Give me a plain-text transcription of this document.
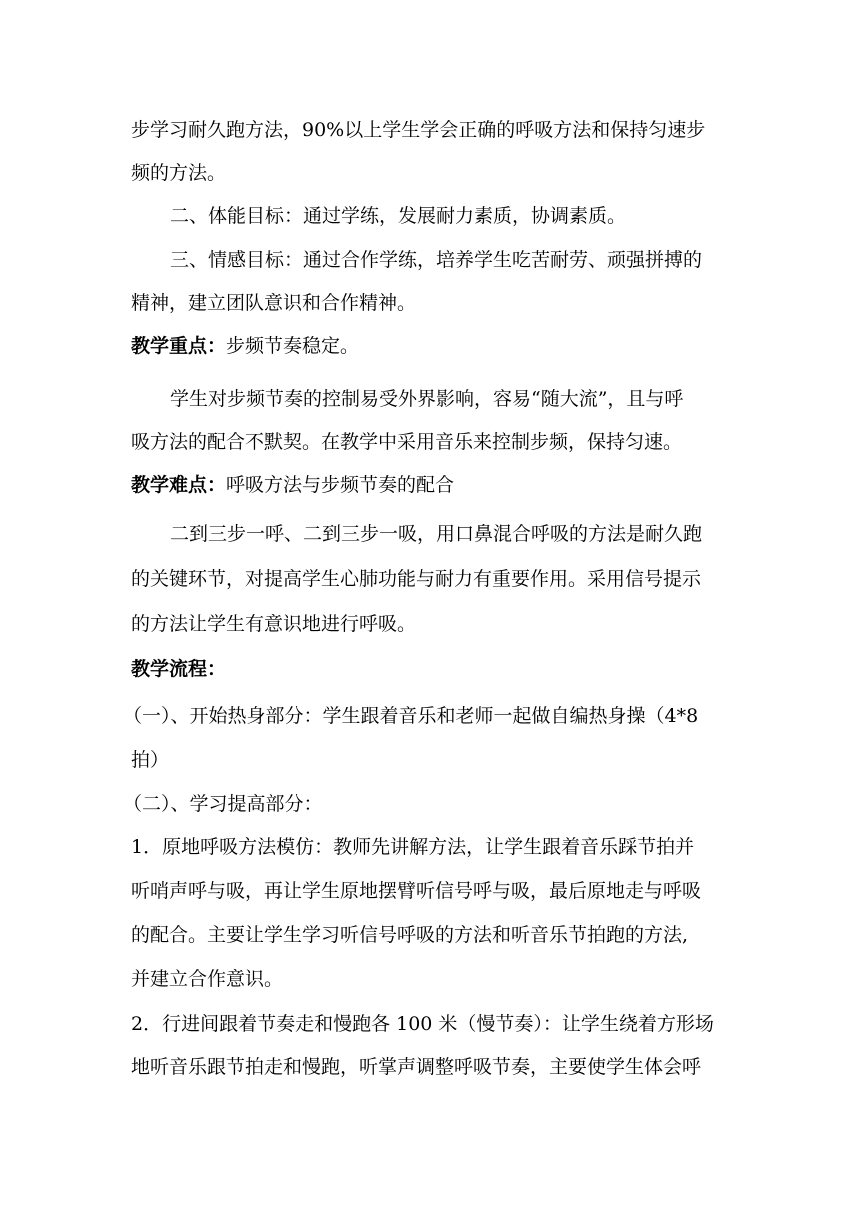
步学习耐久跑方法，90%以上学生学会正确的呼吸方法和保持匀速步
频的方法。
二、体能目标：通过学练，发展耐力素质，协调素质。
三、情感目标：通过合作学练，培养学生吃苦耐劳、顽强拼搏的
精神，建立团队意识和合作精神。
教学重点：步频节奏稳定。
学生对步频节奏的控制易受外界影响，容易“随大流”，且与呼
吸方法的配合不默契。在教学中采用音乐来控制步频，保持匀速。
教学难点：呼吸方法与步频节奏的配合
二到三步一呼、二到三步一吸，用口鼻混合呼吸的方法是耐久跑
的关键环节，对提高学生心肺功能与耐力有重要作用。采用信号提示
的方法让学生有意识地进行呼吸。
教学流程：
（一）、开始热身部分：学生跟着音乐和老师一起做自编热身操（4*8
拍）
（二）、学习提高部分：
1．原地呼吸方法模仿：教师先讲解方法，让学生跟着音乐踩节拍并
听哨声呼与吸，再让学生原地摆臂听信号呼与吸，最后原地走与呼吸
的配合。主要让学生学习听信号呼吸的方法和听音乐节拍跑的方法,
并建立合作意识。
2．行进间跟着节奏走和慢跑各 100 米（慢节奏）：让学生绕着方形场
地听音乐跟节拍走和慢跑，听掌声调整呼吸节奏，主要使学生体会呼
